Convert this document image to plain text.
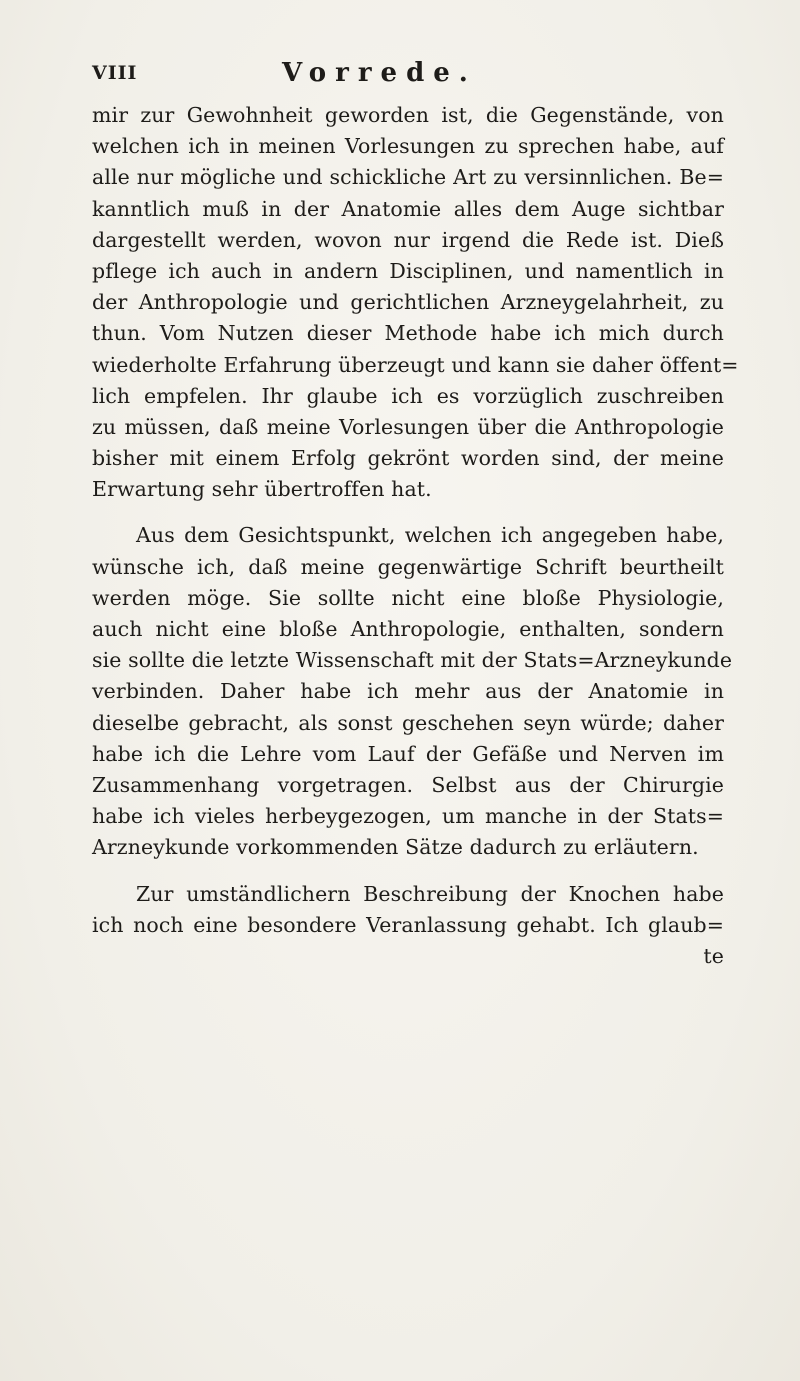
VIII	Vorrede.
mir zur Gewohnheit geworden ist, die Gegenstände, von
welchen ich in meinen Vorlesungen zu sprechen habe, auf
alle nur mögliche und schickliche Art zu versinnlichen. Be=
kanntlich muß in der Anatomie alles dem Auge sichtbar
dargestellt werden, wovon nur irgend die Rede ist. Dieß
pflege ich auch in andern Disciplinen, und namentlich in
der Anthropologie und gerichtlichen Arzneygelahrheit, zu
thun. Vom Nutzen dieser Methode habe ich mich durch
wiederholte Erfahrung überzeugt und kann sie daher öffent=
lich empfelen. Ihr glaube ich es vorzüglich zuschreiben
zu müssen, daß meine Vorlesungen über die Anthropologie
bisher mit einem Erfolg gekrönt worden sind, der meine
Erwartung sehr übertroffen hat.
Aus dem Gesichtspunkt, welchen ich angegeben habe,
wünsche ich, daß meine gegenwärtige Schrift beurtheilt
werden möge. Sie sollte nicht eine bloße Physiologie,
auch nicht eine bloße Anthropologie, enthalten, sondern
sie sollte die letzte Wissenschaft mit der Stats=Arzneykunde
verbinden. Daher habe ich mehr aus der Anatomie in
dieselbe gebracht, als sonst geschehen seyn würde; daher
habe ich die Lehre vom Lauf der Gefäße und Nerven im
Zusammenhang vorgetragen. Selbst aus der Chirurgie
habe ich vieles herbeygezogen, um manche in der Stats=
Arzneykunde vorkommenden Sätze dadurch zu erläutern.
Zur umständlichern Beschreibung der Knochen habe
ich noch eine besondere Veranlassung gehabt. Ich glaub=
te
